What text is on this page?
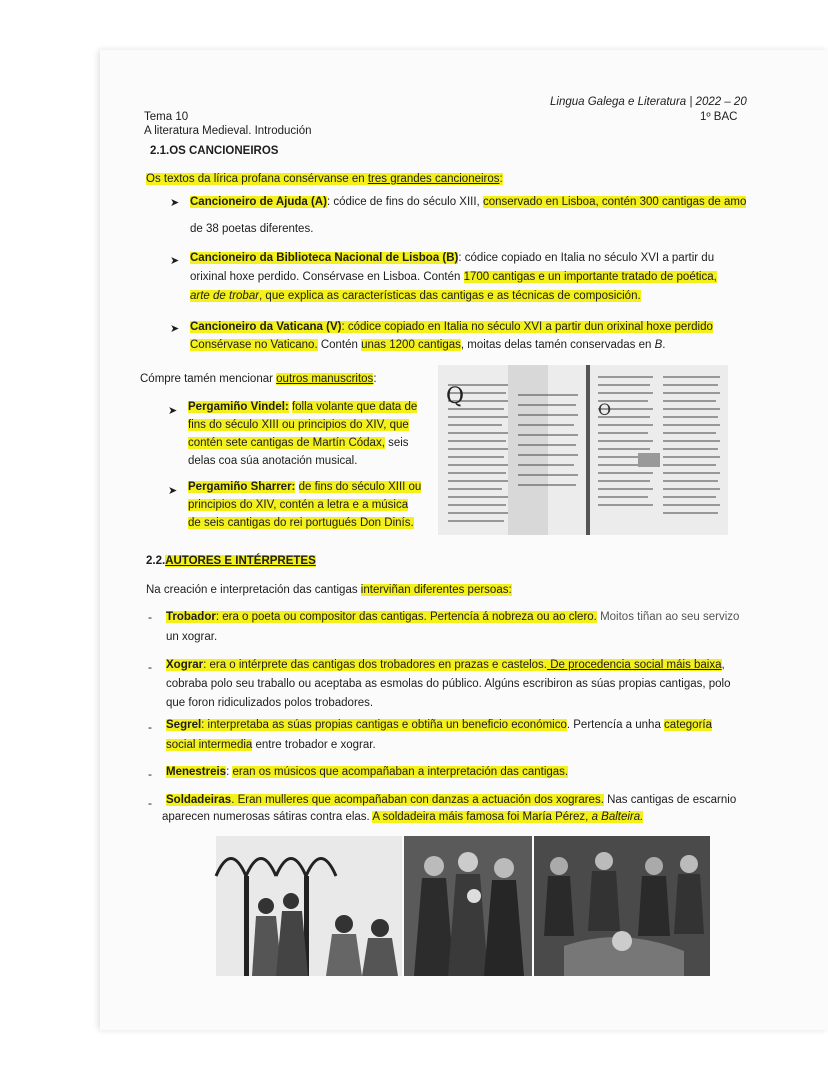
Tema 10
A literatura Medieval. Introdución
Lingua Galega e Literatura | 2022 – 20
1º BAC
2.1.OS CANCIONEIROS
Os textos da lírica profana consérvanse en tres grandes cancioneiros:
➤ Cancioneiro de Ajuda (A): códice de fins do século XIII, conservado en Lisboa, contén 300 cantigas de amo
de 38 poetas diferentes.
➤ Cancioneiro da Biblioteca Nacional de Lisboa (B): códice copiado en Italia no século XVI a partir du
orixinal hoxe perdido. Consérvase en Lisboa. Contén 1700 cantigas e un importante tratado de poética,
arte de trobar, que explica as características das cantigas e as técnicas de composición.
➤ Cancioneiro da Vaticana (V): códice copiado en Italia no século XVI a partir dun orixinal hoxe perdido
Consérvase no Vaticano. Contén unas 1200 cantigas, moitas delas tamén conservadas en B.
Cómpre tamén mencionar outros manuscritos:
➤ Pergamiño Vindel: folla volante que data de
fins do século XIII ou principios do XIV, que
contén sete cantigas de Martín Códax, seis
delas coa súa anotación musical.
➤ Pergamiño Sharrer: de fins do século XIII ou
principios do XIV, contén a letra e a música
de seis cantigas do rei portugués Don Dinís.
Q
O
2.2.AUTORES E INTÉRPRETES
Na creación e interpretación das cantigas interviñan diferentes persoas:
- Trobador: era o poeta ou compositor das cantigas. Pertencía á nobreza ou ao clero. Moitos tiñan ao seu servizo
un xograr.
- Xograr: era o intérprete das cantigas dos trobadores en prazas e castelos. De procedencia social máis baixa,
cobraba polo seu traballo ou aceptaba as esmolas do público. Algúns escribiron as súas propias cantigas, polo
que foron ridiculizados polos trobadores.
- Segrel: interpretaba as súas propias cantigas e obtiña un beneficio económico. Pertencía a unha categoría
social intermedia entre trobador e xograr.
- Menestreis: eran os músicos que acompañaban a interpretación das cantigas.
- Soldadeiras. Eran mulleres que acompañaban con danzas a actuación dos xograres. Nas cantigas de escarnio
aparecen numerosas sátiras contra elas. A soldadeira máis famosa foi María Pérez, a Balteira.
